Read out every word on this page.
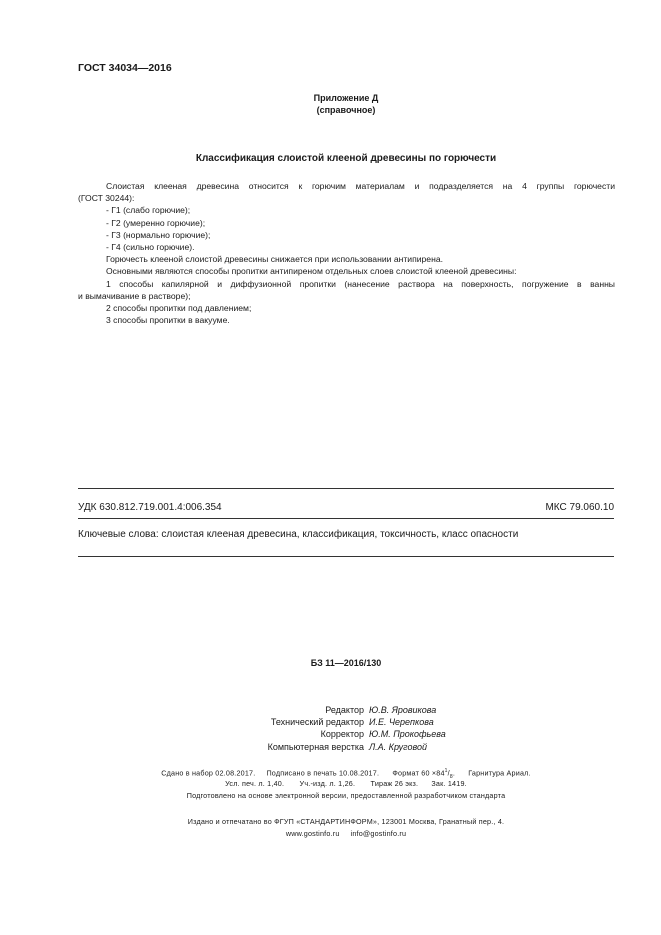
ГОСТ 34034—2016
Приложение Д
(справочное)
Классификация слоистой клееной древесины по горючести

Слоистая клееная древесина относится к горючим материалам и подразделяется на 4 группы горючести

(ГОСТ 30244):

- Г1 (слабо горючие);

- Г2 (умеренно горючие);

- Г3 (нормально горючие);

- Г4 (сильно горючие).

Горючесть клееной слоистой древесины снижается при использовании антипирена.

Основными являются способы пропитки антипиреном отдельных слоев слоистой клееной древесины:

1 способы капилярной и диффузионной пропитки (нанесение раствора на поверхность, погружение в ванны

и вымачивание в растворе);

2 способы пропитки под давлением;

3 способы пропитки в вакууме.

УДК 630.812.719.001.4:006.354	МКС 79.060.10
Ключевые слова: слоистая клееная древесина, классификация, токсичность, класс опасности
БЗ 11—2016/130
Редактор Ю.В. Яровикова
Технический редактор И.Е. Черепкова
Корректор Ю.М. Прокофьева
Компьютерная верстка Л.А. Круговой
Сдано в набор 02.08.2017.     Подписано в печать 10.08.2017.      Формат $60 \times 84^1/_8$.      Гарнитура Ариал.
Усл. печ. л. 1,40.       Уч.-изд. л. 1,26.       Тираж 26 экз.      Зак. 1419.
Подготовлено на основе электронной версии, предоставленной разработчиком стандарта
Издано и отпечатано во ФГУП «СТАНДАРТИНФОРМ», 123001 Москва, Гранатный пер., 4.
www.gostinfo.ru     info@gostinfo.ru
